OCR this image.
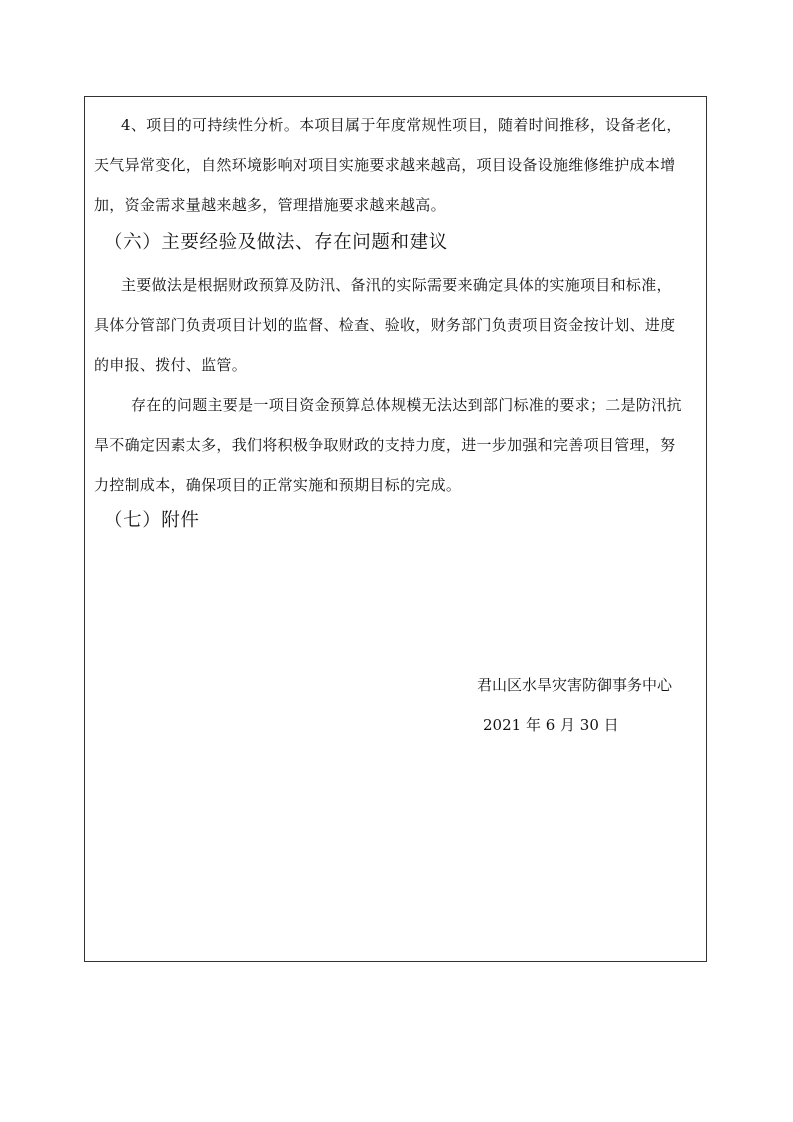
4、项目的可持续性分析。本项目属于年度常规性项目，随着时间推移，设备老化，
天气异常变化，自然环境影响对项目实施要求越来越高，项目设备设施维修维护成本增
加，资金需求量越来越多，管理措施要求越来越高。
（六）主要经验及做法、存在问题和建议
主要做法是根据财政预算及防汛、备汛的实际需要来确定具体的实施项目和标准，
具体分管部门负责项目计划的监督、检查、验收，财务部门负责项目资金按计划、进度
的申报、拨付、监管。
存在的问题主要是一项目资金预算总体规模无法达到部门标准的要求；二是防汛抗
旱不确定因素太多，我们将积极争取财政的支持力度，进一步加强和完善项目管理，努
力控制成本，确保项目的正常实施和预期目标的完成。
（七）附件
君山区水旱灾害防御事务中心
2021 年 6 月 30 日
